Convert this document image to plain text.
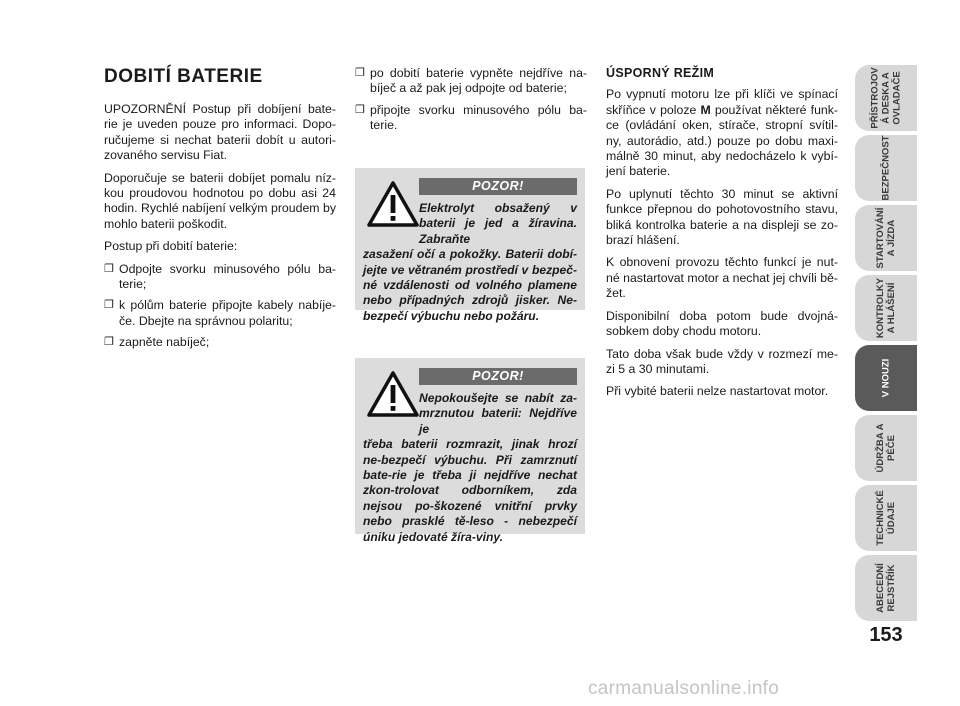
DOBITÍ BATERIE

UPOZORNĚNÍ Postup při dobíjení bate-rie je uveden pouze pro informaci. Dopo-ručujeme si nechat baterii dobít u autori-zovaného servisu Fiat.

Doporučuje se baterii dobíjet pomalu níz-kou proudovou hodnotou po dobu asi 24 hodin. Rychlé nabíjení velkým proudem by mohlo baterii poškodit.

Postup při dobití baterie:

❐ Odpojte svorku minusového pólu ba-terie;
❐ k pólům baterie připojte kabely nabíje-če. Dbejte na správnou polaritu;
❐ zapněte nabíječ;
❐ po dobití baterie vypněte nejdříve na-bíječ a až pak jej odpojte od baterie;
❐ připojte svorku minusového pólu ba-terie.
POZOR!
Elektrolyt obsažený v baterii je jed a žíravina. Zabraňte
zasažení očí a pokožky. Baterii dobí-jejte ve větraném prostředí v bezpeč-né vzdálenosti od volného plamene nebo případných zdrojů jisker. Ne-bezpečí výbuchu nebo požáru.
POZOR!
Nepokoušejte se nabít za-mrznutou baterii: Nejdříve je
třeba baterii rozmrazit, jinak hrozí ne-bezpečí výbuchu. Při zamrznutí bate-rie je třeba ji nejdříve nechat zkon-trolovat odborníkem, zda nejsou po-škozené vnitřní prvky nebo prasklé tě-leso - nebezpečí úniku jedovaté žíra-viny.
ÚSPORNÝ REŽIM

Po vypnutí motoru lze při klíči ve spínací skříňce v poloze M používat některé funk-ce (ovládání oken, stírače, stropní svítil-ny, autorádio, atd.) pouze po dobu maxi-málně 30 minut, aby nedocházelo k vybí-jení baterie.

Po uplynutí těchto 30 minut se aktivní funkce přepnou do pohotovostního stavu, bliká kontrolka baterie a na displeji se zo-brazí hlášení.

K obnovení provozu těchto funkcí je nut-né nastartovat motor a nechat jej chvíli bě-žet.

Disponibilní doba potom bude dvojná-sobkem doby chodu motoru.

Tato doba však bude vždy v rozmezí me-zi 5 a 30 minutami.

Při vybité baterii nelze nastartovat motor.

PŘÍSTROJOV
Á DESKA A
OVLADAČE
BEZPEČNOST
STARTOVÁNÍ
A JÍZDA
KONTROLKY
A HLÁŠENÍ
V NOUZI
ÚDRŽBA A
PÉČE
TECHNICKÉ
ÚDAJE
ABECEDNÍ
REJSTŘÍK
153
carmanualsonline.info
